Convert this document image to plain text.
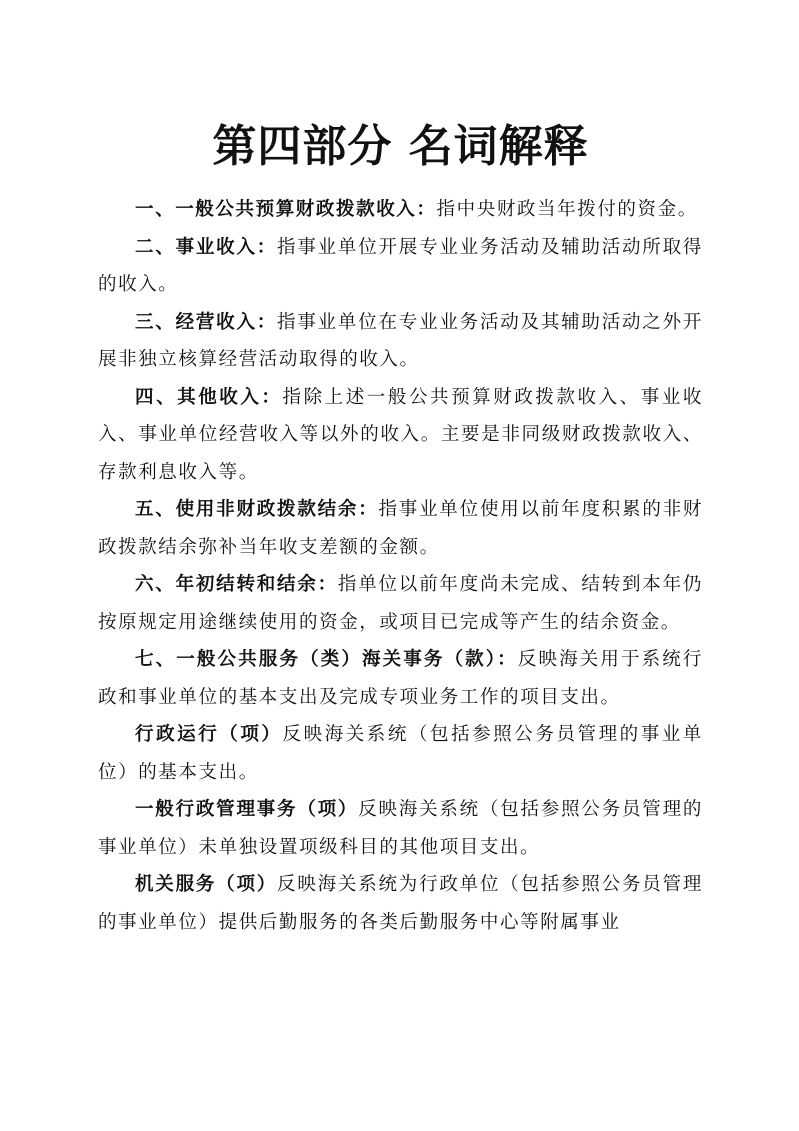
第四部分 名词解释

一、一般公共预算财政拨款收入：指中央财政当年拨付的资金。

二、事业收入：指事业单位开展专业业务活动及辅助活动所取得的收入。

三、经营收入：指事业单位在专业业务活动及其辅助活动之外开展非独立核算经营活动取得的收入。

四、其他收入：指除上述一般公共预算财政拨款收入、事业收入、事业单位经营收入等以外的收入。主要是非同级财政拨款收入、存款利息收入等。

五、使用非财政拨款结余：指事业单位使用以前年度积累的非财政拨款结余弥补当年收支差额的金额。

六、年初结转和结余：指单位以前年度尚未完成、结转到本年仍按原规定用途继续使用的资金，或项目已完成等产生的结余资金。

七、一般公共服务（类）海关事务（款）：反映海关用于系统行政和事业单位的基本支出及完成专项业务工作的项目支出。

行政运行（项）反映海关系统（包括参照公务员管理的事业单位）的基本支出。

一般行政管理事务（项）反映海关系统（包括参照公务员管理的事业单位）未单独设置项级科目的其他项目支出。

机关服务（项）反映海关系统为行政单位（包括参照公务员管理的事业单位）提供后勤服务的各类后勤服务中心等附属事业
